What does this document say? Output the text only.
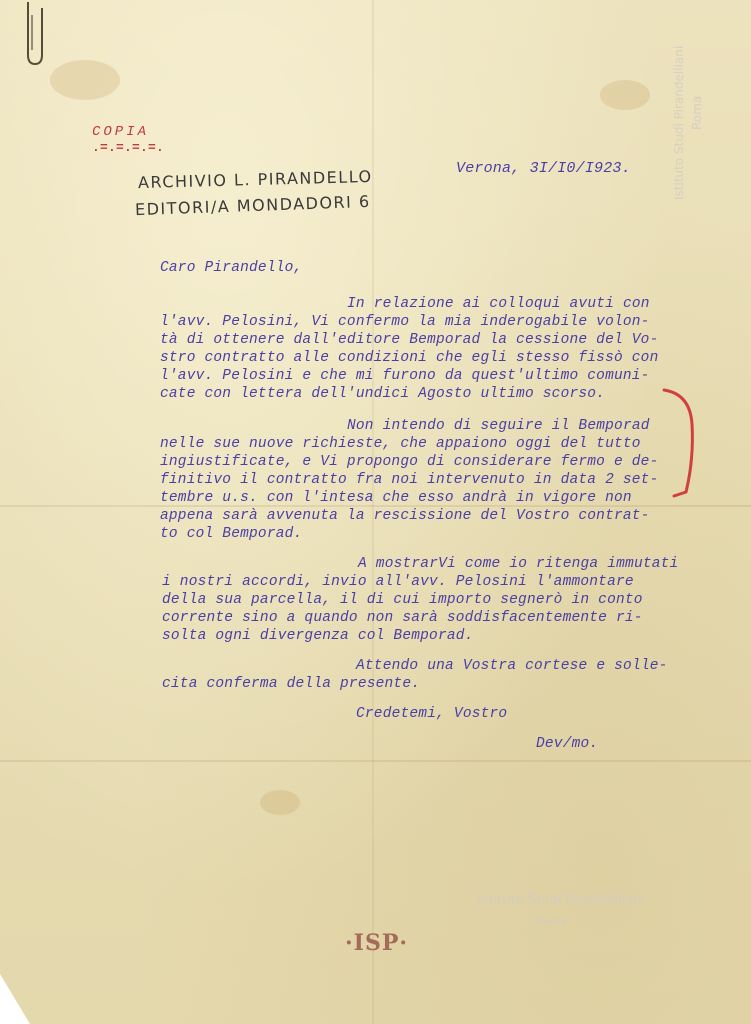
COPIA
.=.=.=.=.
Verona, 3I/I0/I923.
ARCHIVIO L. PIRANDELLO
EDITORI/A MONDADORI 6
Caro Pirandello,
In relazione ai colloqui avuti con
l'avv. Pelosini, Vi confermo la mia inderogabile volon-
tà di ottenere dall'editore Bemporad la cessione del Vo-
stro contratto alle condizioni che egli stesso fissò con
l'avv. Pelosini e che mi furono da quest'ultimo comuni-
cate con lettera dell'undici Agosto ultimo scorso.
Non intendo di seguire il Bemporad
nelle sue nuove richieste, che appaiono oggi del tutto
ingiustificate, e Vi propongo di considerare fermo e de-
finitivo il contratto fra noi intervenuto in data 2 set-
tembre u.s. con l'intesa che esso andrà in vigore non
appena sarà avvenuta la rescissione del Vostro contrat-
to col Bemporad.
A mostrarVi come io ritenga immutati
i nostri accordi, invio all'avv. Pelosini l'ammontare
della sua parcella, il di cui importo segnerò in conto
corrente sino a quando non sarà soddisfacentemente ri-
solta ogni divergenza col Bemporad.
Attendo una Vostra cortese e solle-
cita conferma della presente.
Credetemi, Vostro
Dev/mo.
Istituto Studi Pirandelliani Roma
Istituto Studi Pirandelliani
Roma
·ISP·
